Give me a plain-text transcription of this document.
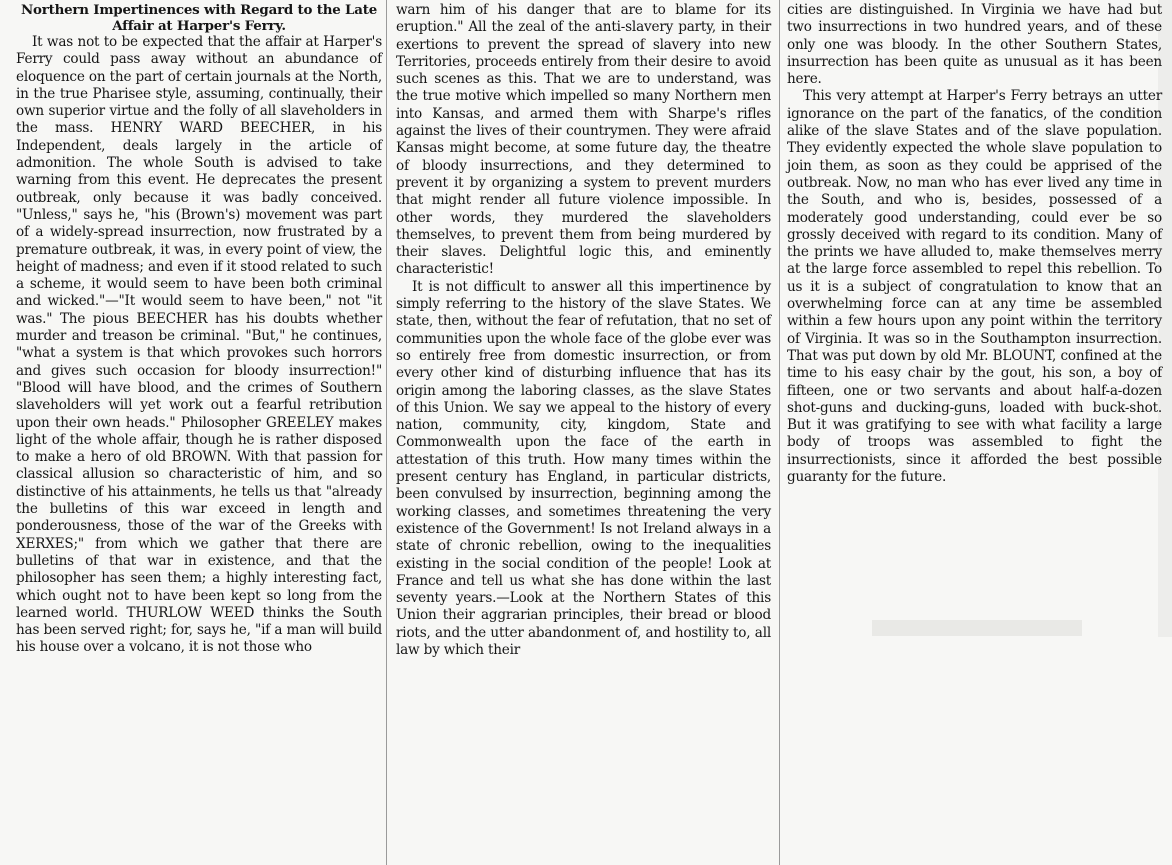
Northern Impertinences with Regard to the Late Affair at Harper's Ferry.

It was not to be expected that the affair at Harper's Ferry could pass away without an abundance of eloquence on the part of certain journals at the North, in the true Pharisee style, assuming, continually, their own superior virtue and the folly of all slaveholders in the mass. HENRY WARD BEECHER, in his Independent, deals largely in the article of admonition. The whole South is advised to take warning from this event. He deprecates the present outbreak, only because it was badly conceived. "Unless," says he, "his (Brown's) movement was part of a widely-spread insurrection, now frustrated by a premature outbreak, it was, in every point of view, the height of madness; and even if it stood related to such a scheme, it would seem to have been both criminal and wicked."—"It would seem to have been," not "it was." The pious BEECHER has his doubts whether murder and treason be criminal. "But," he continues, "what a system is that which provokes such horrors and gives such occasion for bloody insurrection!" "Blood will have blood, and the crimes of Southern slaveholders will yet work out a fearful retribution upon their own heads." Philosopher GREELEY makes light of the whole affair, though he is rather disposed to make a hero of old BROWN. With that passion for classical allusion so characteristic of him, and so distinctive of his attainments, he tells us that "already the bulletins of this war exceed in length and ponderousness, those of the war of the Greeks with XERXES;" from which we gather that there are bulletins of that war in existence, and that the philosopher has seen them; a highly interesting fact, which ought not to have been kept so long from the learned world. THURLOW WEED thinks the South has been served right; for, says he, "if a man will build his house over a volcano, it is not those who

warn him of his danger that are to blame for its eruption." All the zeal of the anti-slavery party, in their exertions to prevent the spread of slavery into new Territories, proceeds entirely from their desire to avoid such scenes as this. That we are to understand, was the true motive which impelled so many Northern men into Kansas, and armed them with Sharpe's rifles against the lives of their countrymen. They were afraid Kansas might become, at some future day, the theatre of bloody insurrections, and they determined to prevent it by organizing a system to prevent murders that might render all future violence impossible. In other words, they murdered the slaveholders themselves, to prevent them from being murdered by their slaves. Delightful logic this, and eminently characteristic!

It is not difficult to answer all this impertinence by simply referring to the history of the slave States. We state, then, without the fear of refutation, that no set of communities upon the whole face of the globe ever was so entirely free from domestic insurrection, or from every other kind of disturbing influence that has its origin among the laboring classes, as the slave States of this Union. We say we appeal to the history of every nation, community, city, kingdom, State and Commonwealth upon the face of the earth in attestation of this truth. How many times within the present century has England, in particular districts, been convulsed by insurrection, beginning among the working classes, and sometimes threatening the very existence of the Government! Is not Ireland always in a state of chronic rebellion, owing to the inequalities existing in the social condition of the people! Look at France and tell us what she has done within the last seventy years.—Look at the Northern States of this Union their aggrarian principles, their bread or blood riots, and the utter abandonment of, and hostility to, all law by which their

cities are distinguished. In Virginia we have had but two insurrections in two hundred years, and of these only one was bloody. In the other Southern States, insurrection has been quite as unusual as it has been here.

This very attempt at Harper's Ferry betrays an utter ignorance on the part of the fanatics, of the condition alike of the slave States and of the slave population. They evidently expected the whole slave population to join them, as soon as they could be apprised of the outbreak. Now, no man who has ever lived any time in the South, and who is, besides, possessed of a moderately good understanding, could ever be so grossly deceived with regard to its condition. Many of the prints we have alluded to, make themselves merry at the large force assembled to repel this rebellion. To us it is a subject of congratulation to know that an overwhelming force can at any time be assembled within a few hours upon any point within the territory of Virginia. It was so in the Southampton insurrection. That was put down by old Mr. BLOUNT, confined at the time to his easy chair by the gout, his son, a boy of fifteen, one or two servants and about half-a-dozen shot-guns and ducking-guns, loaded with buck-shot. But it was gratifying to see with what facility a large body of troops was assembled to fight the insurrectionists, since it afforded the best possible guaranty for the future.
